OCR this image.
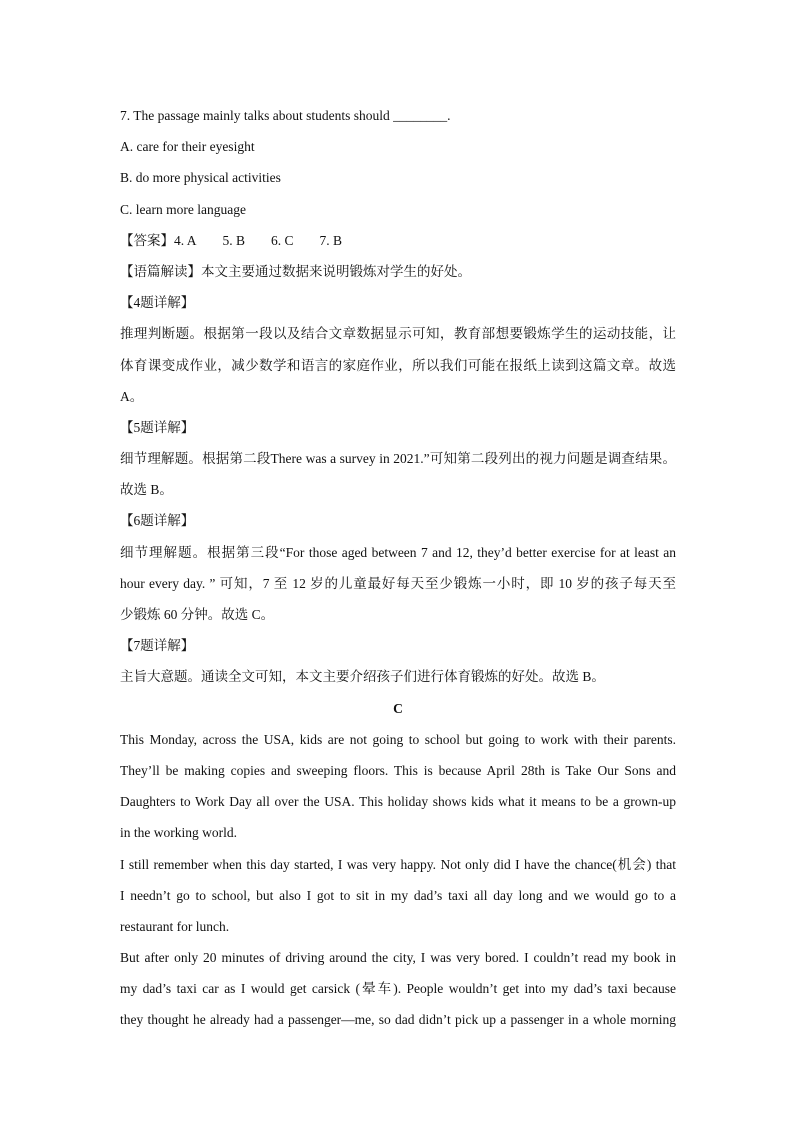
7. The passage mainly talks about students should ________.
A. care for their eyesight
B. do more physical activities
C. learn more language
【答案】4. A 5. B 6. C 7. B
【语篇解读】本文主要通过数据来说明锻炼对学生的好处。
【4题详解】
推理判断题。根据第一段以及结合文章数据显示可知，教育部想要锻炼学生的运动技能，让
体育课变成作业，减少数学和语言的家庭作业，所以我们可能在报纸上读到这篇文章。故选
A。
【5题详解】
细节理解题。根据第二段There was a survey in 2021.”可知第二段列出的视力问题是调查结果。
故选 B。
【6题详解】
细节理解题。根据第三段“For those aged between 7 and 12, they’d better exercise for at least an
hour every day. ” 可知，7 至 12 岁的儿童最好每天至少锻炼一小时，即 10 岁的孩子每天至
少锻炼 60 分钟。故选 C。
【7题详解】
主旨大意题。通读全文可知，本文主要介绍孩子们进行体育锻炼的好处。故选 B。
C
This Monday, across the USA, kids are not going to school but going to work with their parents.
They’ll be making copies and sweeping floors. This is because April 28th is Take Our Sons and
Daughters to Work Day all over the USA. This holiday shows kids what it means to be a grown-up
in the working world.
I still remember when this day started, I was very happy. Not only did I have the chance(机会) that
I needn’t go to school, but also I got to sit in my dad’s taxi all day long and we would go to a
restaurant for lunch.
But after only 20 minutes of driving around the city, I was very bored. I couldn’t read my book in
my dad’s taxi car as I would get carsick (晕车). People wouldn’t get into my dad’s taxi because
they thought he already had a passenger—me, so dad didn’t pick up a passenger in a whole morning
